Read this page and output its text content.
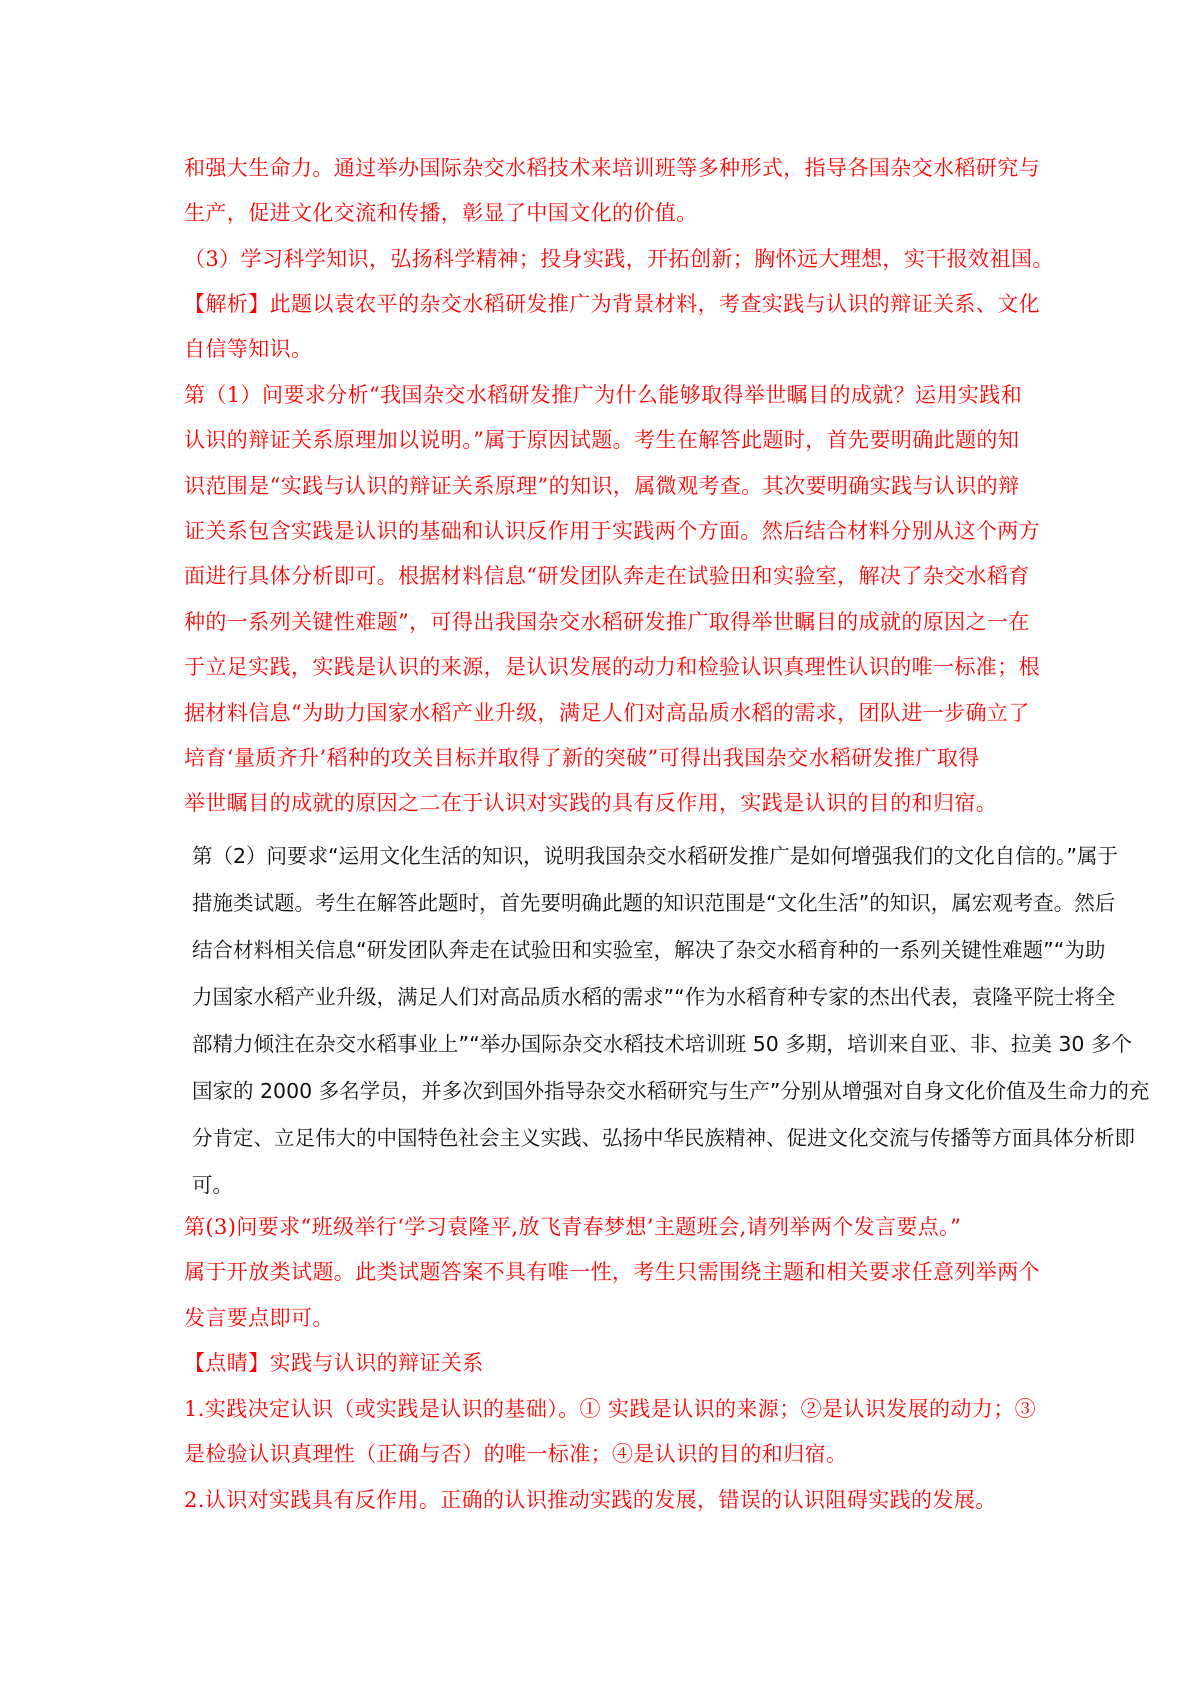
和强大生命力。通过举办国际杂交水稻技术来培训班等多种形式，指导各国杂交水稻研究与
生产，促进文化交流和传播，彰显了中国文化的价值。
（3）学习科学知识，弘扬科学精神；投身实践，开拓创新；胸怀远大理想，实干报效祖国。
【解析】此题以袁农平的杂交水稻研发推广为背景材料，考查实践与认识的辩证关系、文化
自信等知识。
第（1）问要求分析“我国杂交水稻研发推广为什么能够取得举世瞩目的成就？运用实践和
认识的辩证关系原理加以说明。”属于原因试题。考生在解答此题时，首先要明确此题的知
识范围是“实践与认识的辩证关系原理”的知识，属微观考查。其次要明确实践与认识的辩
证关系包含实践是认识的基础和认识反作用于实践两个方面。然后结合材料分别从这个两方
面进行具体分析即可。根据材料信息“研发团队奔走在试验田和实验室，解决了杂交水稻育
种的一系列关键性难题”，可得出我国杂交水稻研发推广取得举世瞩目的成就的原因之一在
于立足实践，实践是认识的来源，是认识发展的动力和检验认识真理性认识的唯一标准；根
据材料信息“为助力国家水稻产业升级，满足人们对高品质水稻的需求，团队进一步确立了
培育‘量质齐升’稻种的攻关目标并取得了新的突破”可得出我国杂交水稻研发推广取得
举世瞩目的成就的原因之二在于认识对实践的具有反作用，实践是认识的目的和归宿。
第（2）问要求“运用文化生活的知识，说明我国杂交水稻研发推广是如何增强我们的文化自信的。”属于
措施类试题。考生在解答此题时，首先要明确此题的知识范围是“文化生活”的知识，属宏观考查。然后
结合材料相关信息“研发团队奔走在试验田和实验室，解决了杂交水稻育种的一系列关键性难题”“为助
力国家水稻产业升级，满足人们对高品质水稻的需求”“作为水稻育种专家的杰出代表，袁隆平院士将全
部精力倾注在杂交水稻事业上”“举办国际杂交水稻技术培训班 50 多期，培训来自亚、非、拉美 30 多个
国家的 2000 多名学员，并多次到国外指导杂交水稻研究与生产”分别从增强对自身文化价值及生命力的充
分肯定、立足伟大的中国特色社会主义实践、弘扬中华民族精神、促进文化交流与传播等方面具体分析即
可。
第(3)问要求“班级举行‘学习袁隆平,放飞青春梦想’主题班会,请列举两个发言要点。”
属于开放类试题。此类试题答案不具有唯一性，考生只需围绕主题和相关要求任意列举两个
发言要点即可。
【点睛】实践与认识的辩证关系
1.实践决定认识（或实践是认识的基础）。① 实践是认识的来源；②是认识发展的动力；③
是检验认识真理性（正确与否）的唯一标准；④是认识的目的和归宿。
2.认识对实践具有反作用。正确的认识推动实践的发展，错误的认识阻碍实践的发展。
